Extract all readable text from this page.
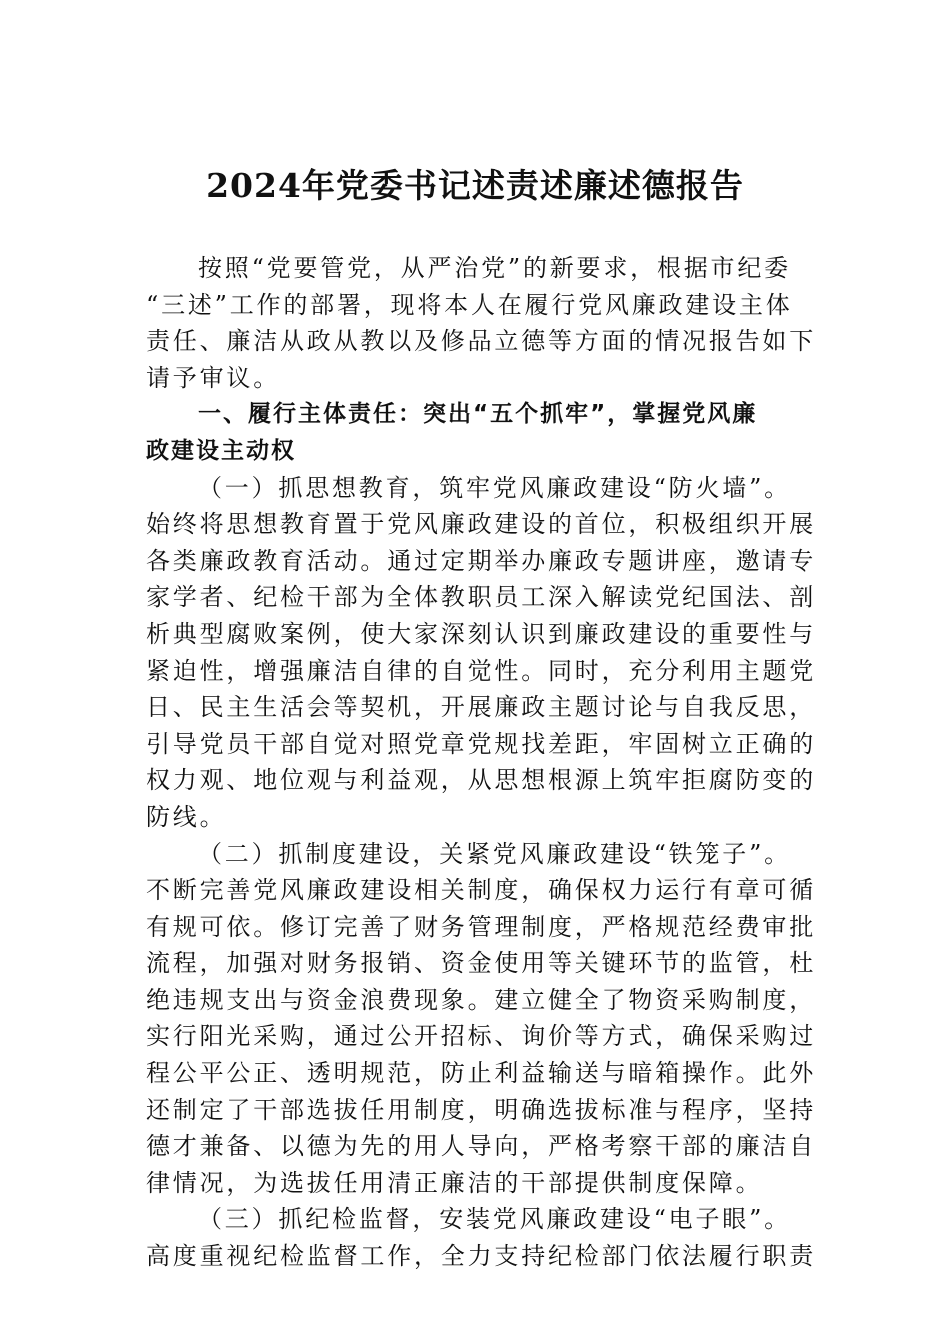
2024年党委书记述责述廉述德报告
按照“党要管党，从严治党”的新要求，根据市纪委
“三述”工作的部署，现将本人在履行党风廉政建设主体
责任、廉洁从政从教以及修品立德等方面的情况报告如下
请予审议。
一、履行主体责任：突出“五个抓牢”，掌握党风廉
政建设主动权
（一）抓思想教育，筑牢党风廉政建设“防火墙”。
始终将思想教育置于党风廉政建设的首位，积极组织开展
各类廉政教育活动。通过定期举办廉政专题讲座，邀请专
家学者、纪检干部为全体教职员工深入解读党纪国法、剖
析典型腐败案例，使大家深刻认识到廉政建设的重要性与
紧迫性，增强廉洁自律的自觉性。同时，充分利用主题党
日、民主生活会等契机，开展廉政主题讨论与自我反思，
引导党员干部自觉对照党章党规找差距，牢固树立正确的
权力观、地位观与利益观，从思想根源上筑牢拒腐防变的
防线。
（二）抓制度建设，关紧党风廉政建设“铁笼子”。
不断完善党风廉政建设相关制度，确保权力运行有章可循
有规可依。修订完善了财务管理制度，严格规范经费审批
流程，加强对财务报销、资金使用等关键环节的监管，杜
绝违规支出与资金浪费现象。建立健全了物资采购制度，
实行阳光采购，通过公开招标、询价等方式，确保采购过
程公平公正、透明规范，防止利益输送与暗箱操作。此外
还制定了干部选拔任用制度，明确选拔标准与程序，坚持
德才兼备、以德为先的用人导向，严格考察干部的廉洁自
律情况，为选拔任用清正廉洁的干部提供制度保障。
（三）抓纪检监督，安装党风廉政建设“电子眼”。
高度重视纪检监督工作，全力支持纪检部门依法履行职责
